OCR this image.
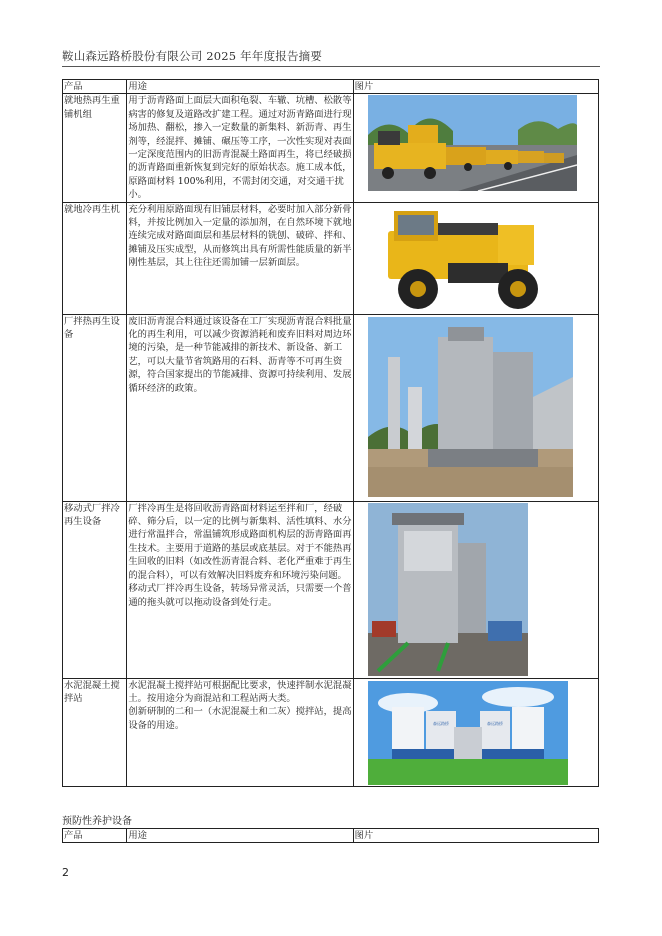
鞍山森远路桥股份有限公司 2025 年年度报告摘要
产品	用途	图片
就地热再生重铺机组	用于沥青路面上面层大面积龟裂、车辙、坑槽、松散等病害的修复及道路改扩建工程。通过对沥青路面进行现场加热、翻松，掺入一定数量的新集料、新沥青、再生剂等，经混拌、摊铺、碾压等工序，一次性实现对表面一定深度范围内的旧沥青混凝土路面再生，将已经破损的沥青路面重新恢复到完好的原始状态。施工成本低，原路面材料 100%利用，不需封闭交通，对交通干扰小。

就地冷再生机	充分利用原路面现有旧铺层材料，必要时加入部分新骨料，并按比例加入一定量的添加剂，在自然环境下就地连续完成对路面面层和基层材料的铣刨、破碎、拌和、摊铺及压实成型，从而修筑出具有所需性能质量的新半刚性基层，其上往往还需加铺一层新面层。

厂拌热再生设备	废旧沥青混合料通过该设备在工厂实现沥青混合料批量化的再生利用，可以减少资源消耗和废弃旧料对周边环境的污染，是一种节能减排的新技术、新设备、新工艺，可以大量节省筑路用的石料、沥青等不可再生资源，符合国家提出的节能减排、资源可持续利用、发展循环经济的政策。

移动式厂拌冷再生设备	厂拌冷再生是将回收沥青路面材料运至拌和厂，经破碎、筛分后，以一定的比例与新集料、活性填料、水分进行常温拌合，常温铺筑形成路面机构层的沥青路面再生技术。主要用于道路的基层或底基层。对于不能热再生回收的旧料（如改性沥青混合料、老化严重难于再生的混合料），可以有效解决旧料废弃和环境污染问题。
移动式厂拌冷再生设备，转场异常灵活，只需要一个普通的拖头就可以拖动设备到处行走。

水泥混凝土搅拌站	水泥混凝土搅拌站可根据配比要求，快速拌制水泥混凝土。按用途分为商混站和工程站两大类。
创新研制的二和一（水泥混凝土和二灰）搅拌站，提高设备的用途。	森远路桥 森远路桥
预防性养护设备
产品	用途	图片
2
